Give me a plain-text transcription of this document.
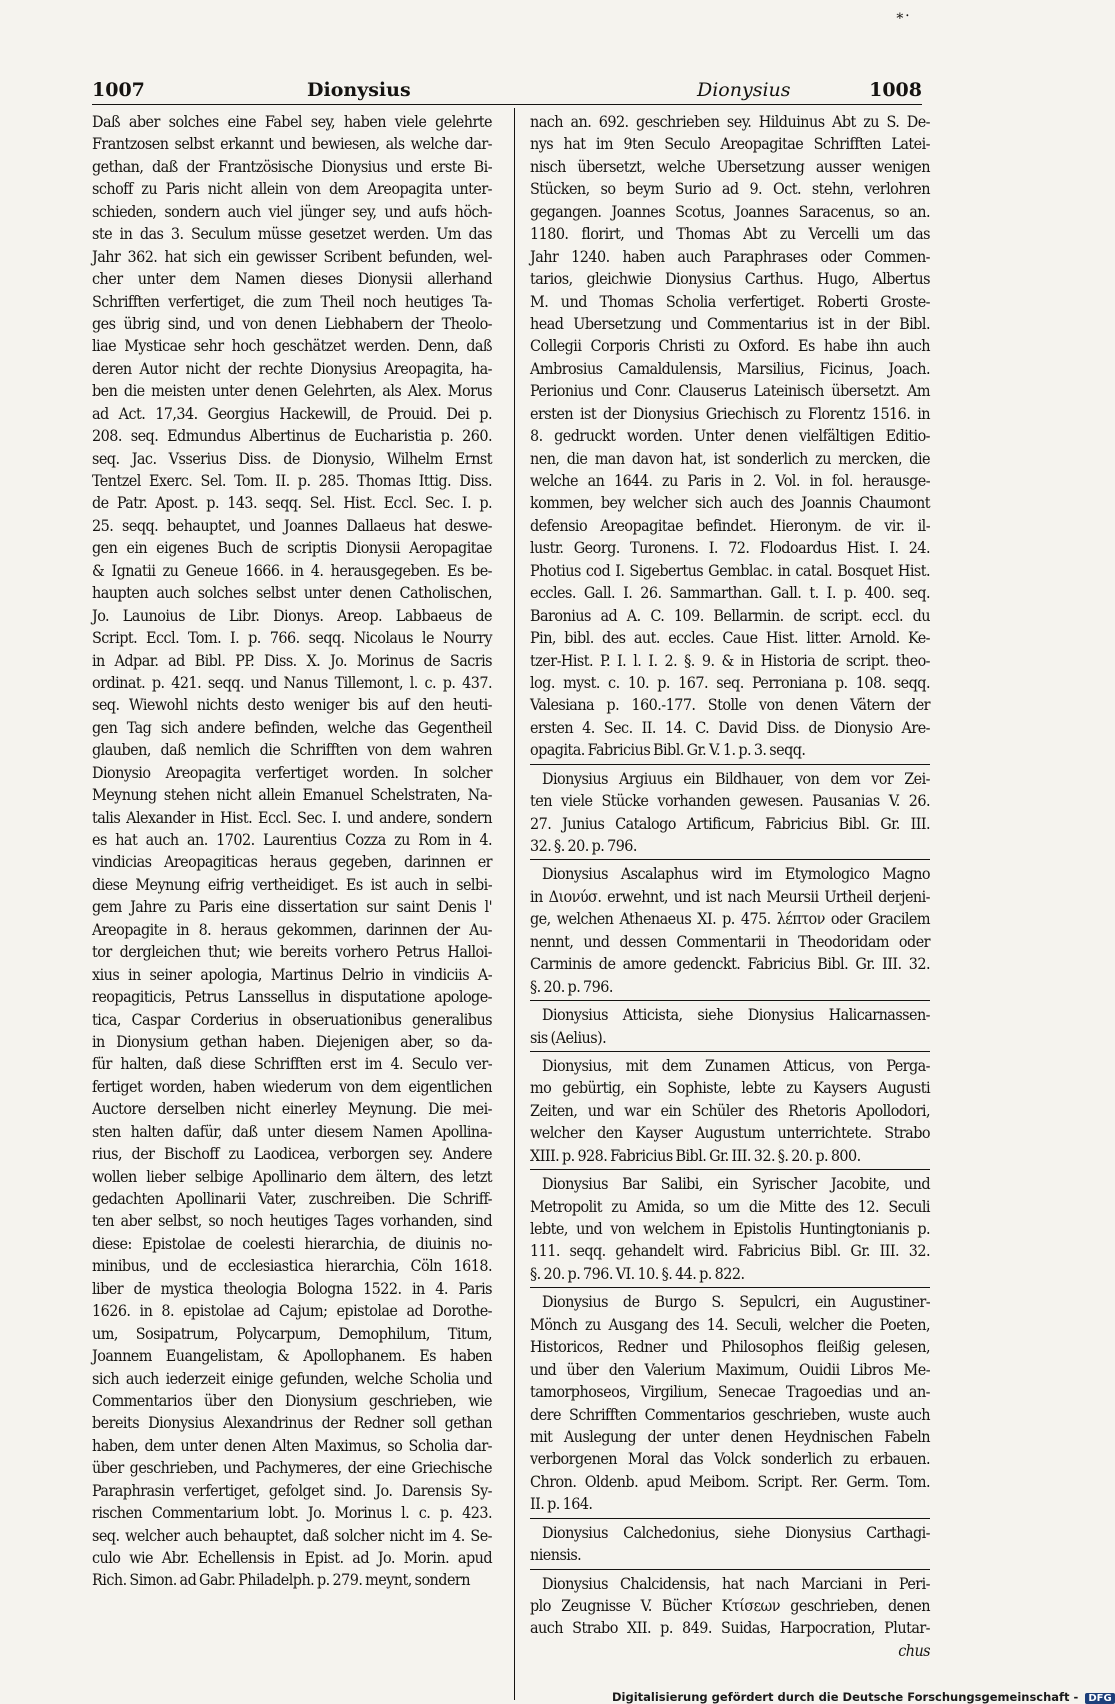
∗⸱
1007	Dionysius	Dionysius	1008
Daß aber solches eine Fabel sey, haben viele gelehrte
Frantzosen selbst erkannt und bewiesen, als welche dar-
gethan, daß der Frantzösische Dionysius und erste Bi-
schoff zu Paris nicht allein von dem Areopagita unter-
schieden, sondern auch viel jünger sey, und aufs höch-
ste in das 3. Seculum müsse gesetzet werden. Um das
Jahr 362. hat sich ein gewisser Scribent befunden, wel-
cher unter dem Namen dieses Dionysii allerhand
Schrifften verfertiget, die zum Theil noch heutiges Ta-
ges übrig sind, und von denen Liebhabern der Theolo-
liae Mysticae sehr hoch geschätzet werden. Denn, daß
deren Autor nicht der rechte Dionysius Areopagita, ha-
ben die meisten unter denen Gelehrten, als Alex. Morus
ad Act. 17,34. Georgius Hackewill, de Prouid. Dei p.
208. seq. Edmundus Albertinus de Eucharistia p. 260.
seq. Jac. Vsserius Diss. de Dionysio, Wilhelm Ernst
Tentzel Exerc. Sel. Tom. II. p. 285. Thomas Ittig. Diss.
de Patr. Apost. p. 143. seqq. Sel. Hist. Eccl. Sec. I. p.
25. seqq. behauptet, und Joannes Dallaeus hat deswe-
gen ein eigenes Buch de scriptis Dionysii Aeropagitae
& Ignatii zu Geneue 1666. in 4. herausgegeben. Es be-
haupten auch solches selbst unter denen Catholischen,
Jo. Launoius de Libr. Dionys. Areop. Labbaeus de
Script. Eccl. Tom. I. p. 766. seqq. Nicolaus le Nourry
in Adpar. ad Bibl. PP. Diss. X. Jo. Morinus de Sacris
ordinat. p. 421. seqq. und Nanus Tillemont, l. c. p. 437.
seq. Wiewohl nichts desto weniger bis auf den heuti-
gen Tag sich andere befinden, welche das Gegentheil
glauben, daß nemlich die Schrifften von dem wahren
Dionysio Areopagita verfertiget worden. In solcher
Meynung stehen nicht allein Emanuel Schelstraten, Na-
talis Alexander in Hist. Eccl. Sec. I. und andere, sondern
es hat auch an. 1702. Laurentius Cozza zu Rom in 4.
vindicias Areopagiticas heraus gegeben, darinnen er
diese Meynung eifrig vertheidiget. Es ist auch in selbi-
gem Jahre zu Paris eine dissertation sur saint Denis l'
Areopagite in 8. heraus gekommen, darinnen der Au-
tor dergleichen thut; wie bereits vorhero Petrus Halloi-
xius in seiner apologia, Martinus Delrio in vindiciis A-
reopagiticis, Petrus Lanssellus in disputatione apologe-
tica, Caspar Corderius in obseruationibus generalibus
in Dionysium gethan haben. Diejenigen aber, so da-
für halten, daß diese Schrifften erst im 4. Seculo ver-
fertiget worden, haben wiederum von dem eigentlichen
Auctore derselben nicht einerley Meynung. Die mei-
sten halten dafür, daß unter diesem Namen Apollina-
rius, der Bischoff zu Laodicea, verborgen sey. Andere
wollen lieber selbige Apollinario dem ältern, des letzt
gedachten Apollinarii Vater, zuschreiben. Die Schriff-
ten aber selbst, so noch heutiges Tages vorhanden, sind
diese: Epistolae de coelesti hierarchia, de diuinis no-
minibus, und de ecclesiastica hierarchia, Cöln 1618.
liber de mystica theologia Bologna 1522. in 4. Paris
1626. in 8. epistolae ad Cajum; epistolae ad Dorothe-
um, Sosipatrum, Polycarpum, Demophilum, Titum,
Joannem Euangelistam, & Apollophanem. Es haben
sich auch iederzeit einige gefunden, welche Scholia und
Commentarios über den Dionysium geschrieben, wie
bereits Dionysius Alexandrinus der Redner soll gethan
haben, dem unter denen Alten Maximus, so Scholia dar-
über geschrieben, und Pachymeres, der eine Griechische
Paraphrasin verfertiget, gefolget sind. Jo. Darensis Sy-
rischen Commentarium lobt. Jo. Morinus l. c. p. 423.
seq. welcher auch behauptet, daß solcher nicht im 4. Se-
culo wie Abr. Echellensis in Epist. ad Jo. Morin. apud
Rich. Simon. ad Gabr. Philadelph. p. 279. meynt, sondern
nach an. 692. geschrieben sey. Hilduinus Abt zu S. De-
nys hat im 9ten Seculo Areopagitae Schrifften Latei-
nisch übersetzt, welche Ubersetzung ausser wenigen
Stücken, so beym Surio ad 9. Oct. stehn, verlohren
gegangen. Joannes Scotus, Joannes Saracenus, so an.
1180. florirt, und Thomas Abt zu Vercelli um das
Jahr 1240. haben auch Paraphrases oder Commen-
tarios, gleichwie Dionysius Carthus. Hugo, Albertus
M. und Thomas Scholia verfertiget. Roberti Groste-
head Ubersetzung und Commentarius ist in der Bibl.
Collegii Corporis Christi zu Oxford. Es habe ihn auch
Ambrosius Camaldulensis, Marsilius, Ficinus, Joach.
Perionius und Conr. Clauserus Lateinisch übersetzt. Am
ersten ist der Dionysius Griechisch zu Florentz 1516. in
8. gedruckt worden. Unter denen vielfältigen Editio-
nen, die man davon hat, ist sonderlich zu mercken, die
welche an 1644. zu Paris in 2. Vol. in fol. herausge-
kommen, bey welcher sich auch des Joannis Chaumont
defensio Areopagitae befindet. Hieronym. de vir. il-
lustr. Georg. Turonens. I. 72. Flodoardus Hist. I. 24.
Photius cod I. Sigebertus Gemblac. in catal. Bosquet Hist.
eccles. Gall. I. 26. Sammarthan. Gall. t. I. p. 400. seq.
Baronius ad A. C. 109. Bellarmin. de script. eccl. du
Pin, bibl. des aut. eccles. Caue Hist. litter. Arnold. Ke-
tzer-Hist. P. I. l. I. 2. §. 9. & in Historia de script. theo-
log. myst. c. 10. p. 167. seq. Perroniana p. 108. seqq.
Valesiana p. 160.-177. Stolle von denen Vätern der
ersten 4. Sec. II. 14. C. David Diss. de Dionysio Are-
opagita. Fabricius Bibl. Gr. V. 1. p. 3. seqq.
Dionysius Argiuus ein Bildhauer, von dem vor Zei-
ten viele Stücke vorhanden gewesen. Pausanias V. 26.
27. Junius Catalogo Artificum, Fabricius Bibl. Gr. III.
32. §. 20. p. 796.
Dionysius Ascalaphus wird im Etymologico Magno
in Διονύσ. erwehnt, und ist nach Meursii Urtheil derjeni-
ge, welchen Athenaeus XI. p. 475. λέπτον oder Gracilem
nennt, und dessen Commentarii in Theodoridam oder
Carminis de amore gedenckt. Fabricius Bibl. Gr. III. 32.
§. 20. p. 796.
Dionysius Atticista, siehe Dionysius Halicarnassen-
sis (Aelius).
Dionysius, mit dem Zunamen Atticus, von Perga-
mo gebürtig, ein Sophiste, lebte zu Kaysers Augusti
Zeiten, und war ein Schüler des Rhetoris Apollodori,
welcher den Kayser Augustum unterrichtete. Strabo
XIII. p. 928. Fabricius Bibl. Gr. III. 32. §. 20. p. 800.
Dionysius Bar Salibi, ein Syrischer Jacobite, und
Metropolit zu Amida, so um die Mitte des 12. Seculi
lebte, und von welchem in Epistolis Huntingtonianis p.
111. seqq. gehandelt wird. Fabricius Bibl. Gr. III. 32.
§. 20. p. 796. VI. 10. §. 44. p. 822.
Dionysius de Burgo S. Sepulcri, ein Augustiner-
Mönch zu Ausgang des 14. Seculi, welcher die Poeten,
Historicos, Redner und Philosophos fleißig gelesen,
und über den Valerium Maximum, Ouidii Libros Me-
tamorphoseos, Virgilium, Senecae Tragoedias und an-
dere Schrifften Commentarios geschrieben, wuste auch
mit Auslegung der unter denen Heydnischen Fabeln
verborgenen Moral das Volck sonderlich zu erbauen.
Chron. Oldenb. apud Meibom. Script. Rer. Germ. Tom.
II. p. 164.
Dionysius Calchedonius, siehe Dionysius Carthagi-
niensis.
Dionysius Chalcidensis, hat nach Marciani in Peri-
plo Zeugnisse V. Bücher Κτίσεων geschrieben, denen
auch Strabo XII. p. 849. Suidas, Harpocration, Plutar-
chus
Digitalisierung gefördert durch die Deutsche Forschungsgemeinschaft - DFG
